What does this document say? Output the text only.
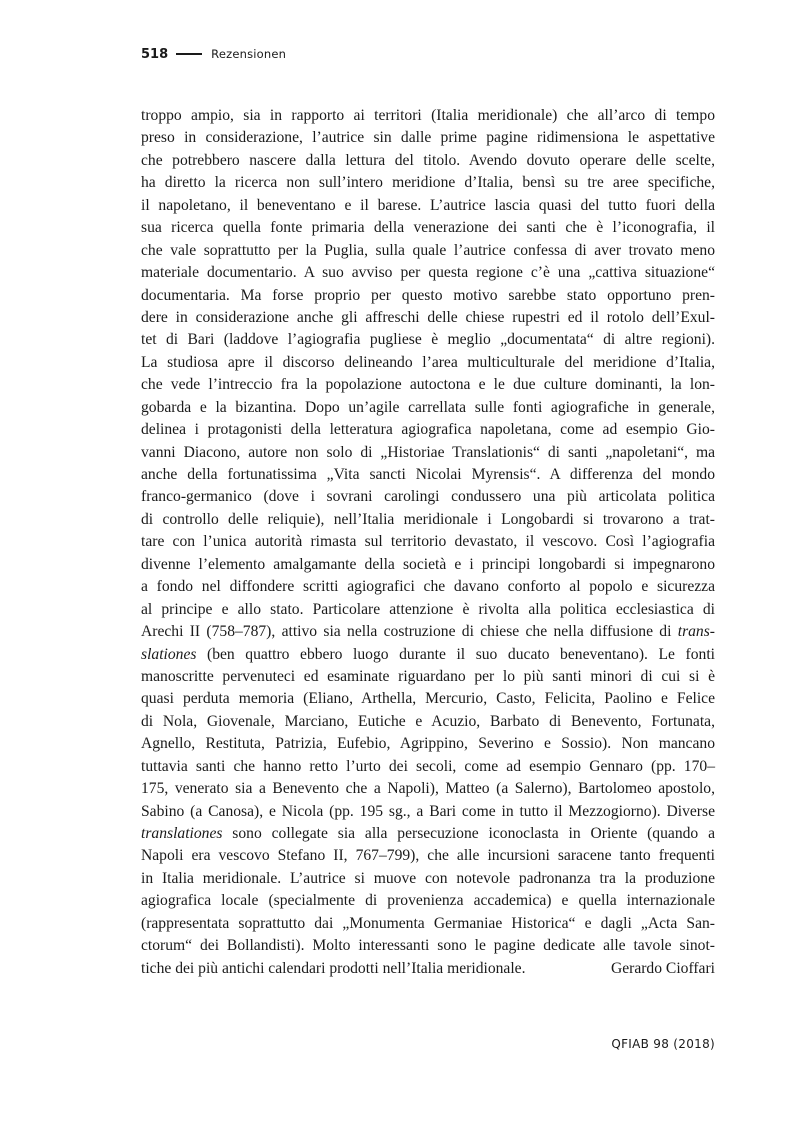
518	Rezensionen
troppo ampio, sia in rapporto ai territori (Italia meridionale) che all’arco di tempo
preso in considerazione, l’autrice sin dalle prime pagine ridimensiona le aspettative
che potrebbero nascere dalla lettura del titolo. Avendo dovuto operare delle scelte,
ha diretto la ricerca non sull’intero meridione d’Italia, bensì su tre aree specifiche,
il napoletano, il beneventano e il barese. L’autrice lascia quasi del tutto fuori della
sua ricerca quella fonte primaria della venerazione dei santi che è l’iconografia, il
che vale soprattutto per la Puglia, sulla quale l’autrice confessa di aver trovato meno
materiale documentario. A suo avviso per questa regione c’è una „cattiva situazione“
documentaria. Ma forse proprio per questo motivo sarebbe stato opportuno pren-
dere in considerazione anche gli affreschi delle chiese rupestri ed il rotolo dell’Exul-
tet di Bari (laddove l’agiografia pugliese è meglio „documentata“ di altre regioni).
La studiosa apre il discorso delineando l’area multiculturale del meridione d’Italia,
che vede l’intreccio fra la popolazione autoctona e le due culture dominanti, la lon-
gobarda e la bizantina. Dopo un’agile carrellata sulle fonti agiografiche in generale,
delinea i protagonisti della letteratura agiografica napoletana, come ad esempio Gio-
vanni Diacono, autore non solo di „Historiae Translationis“ di santi „napoletani“, ma
anche della fortunatissima „Vita sancti Nicolai Myrensis“. A differenza del mondo
franco-germanico (dove i sovrani carolingi condussero una più articolata politica
di controllo delle reliquie), nell’Italia meridionale i Longobardi si trovarono a trat-
tare con l’unica autorità rimasta sul territorio devastato, il vescovo. Così l’agiografia
divenne l’elemento amalgamante della società e i principi longobardi si impegnarono
a fondo nel diffondere scritti agiografici che davano conforto al popolo e sicurezza
al principe e allo stato. Particolare attenzione è rivolta alla politica ecclesiastica di
Arechi II (758–787), attivo sia nella costruzione di chiese che nella diffusione di trans-
slationes (ben quattro ebbero luogo durante il suo ducato beneventano). Le fonti
manoscritte pervenuteci ed esaminate riguardano per lo più santi minori di cui si è
quasi perduta memoria (Eliano, Arthella, Mercurio, Casto, Felicita, Paolino e Felice
di Nola, Giovenale, Marciano, Eutiche e Acuzio, Barbato di Benevento, Fortunata,
Agnello, Restituta, Patrizia, Eufebio, Agrippino, Severino e Sossio). Non mancano
tuttavia santi che hanno retto l’urto dei secoli, come ad esempio Gennaro (pp. 170–
175, venerato sia a Benevento che a Napoli), Matteo (a Salerno), Bartolomeo apostolo,
Sabino (a Canosa), e Nicola (pp. 195 sg., a Bari come in tutto il Mezzogiorno). Diverse
translationes sono collegate sia alla persecuzione iconoclasta in Oriente (quando a
Napoli era vescovo Stefano II, 767–799), che alle incursioni saracene tanto frequenti
in Italia meridionale. L’autrice si muove con notevole padronanza tra la produzione
agiografica locale (specialmente di provenienza accademica) e quella internazionale
(rappresentata soprattutto dai „Monumenta Germaniae Historica“ e dagli „Acta San-
ctorum“ dei Bollandisti). Molto interessanti sono le pagine dedicate alle tavole sinot-
tiche dei più antichi calendari prodotti nell’Italia meridionale.	Gerardo Cioffari
QFIAB 98 (2018)
